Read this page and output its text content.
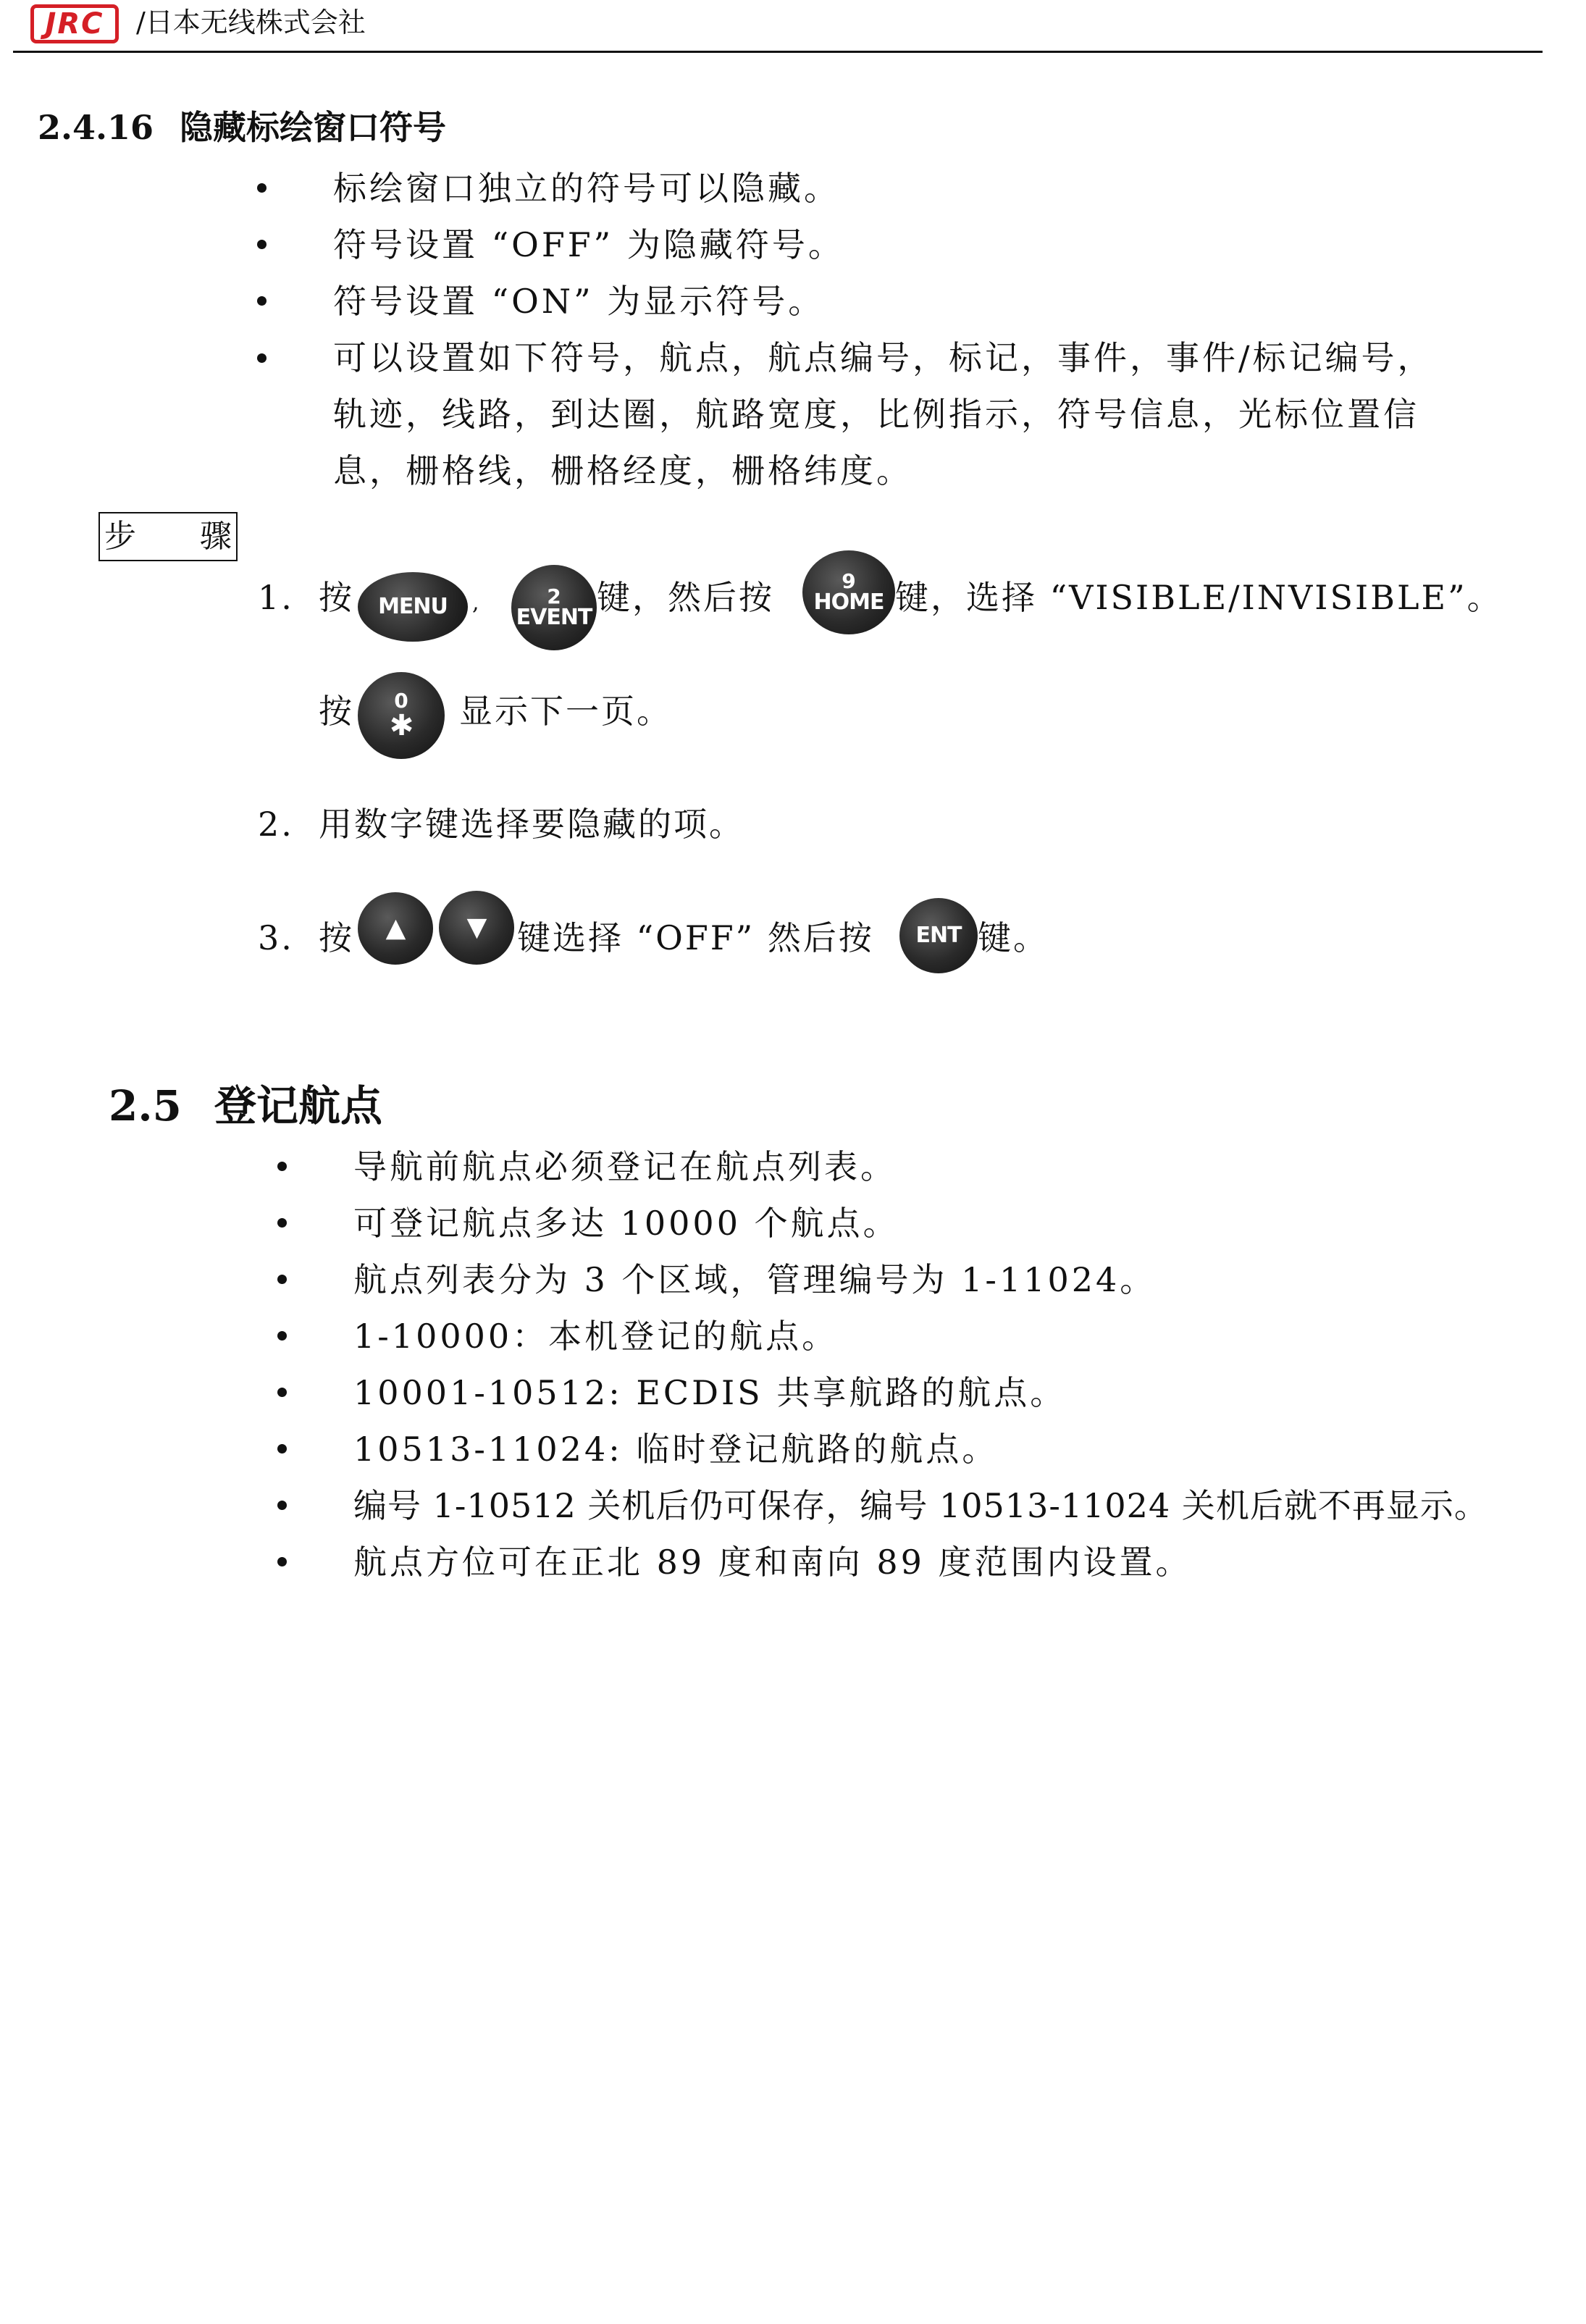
JRC /日本无线株式会社
2.4.16 隐藏标绘窗口符号
标绘窗口独立的符号可以隐藏。
符号设置 “OFF” 为隐藏符号。
符号设置 “ON” 为显示符号。
可以设置如下符号，航点，航点编号，标记，事件，事件/标记编号，
轨迹，线路，到达圈，航路宽度，比例指示，符号信息，光标位置信
息，栅格线，栅格经度，栅格纬度。
步 骤
1. 按 MENU ,	2
EVENT
键，然后按	9
HOME 键，选择 “VISIBLE/INVISIBLE”。
按 0
✱ 显示下一页。
2. 用数字键选择要隐藏的项。
3. 按 ▲ ▼ 键选择 “OFF” 然后按 ENT 键。
2.5 登记航点
导航前航点必须登记在航点列表。
可登记航点多达 10000 个航点。
航点列表分为 3 个区域，管理编号为 1-11024。
1-10000：本机登记的航点。
10001-10512: ECDIS 共享航路的航点。
10513-11024: 临时登记航路的航点。
编号 1-10512 关机后仍可保存，编号 10513-11024 关机后就不再显示。
航点方位可在正北 89 度和南向 89 度范围内设置。
